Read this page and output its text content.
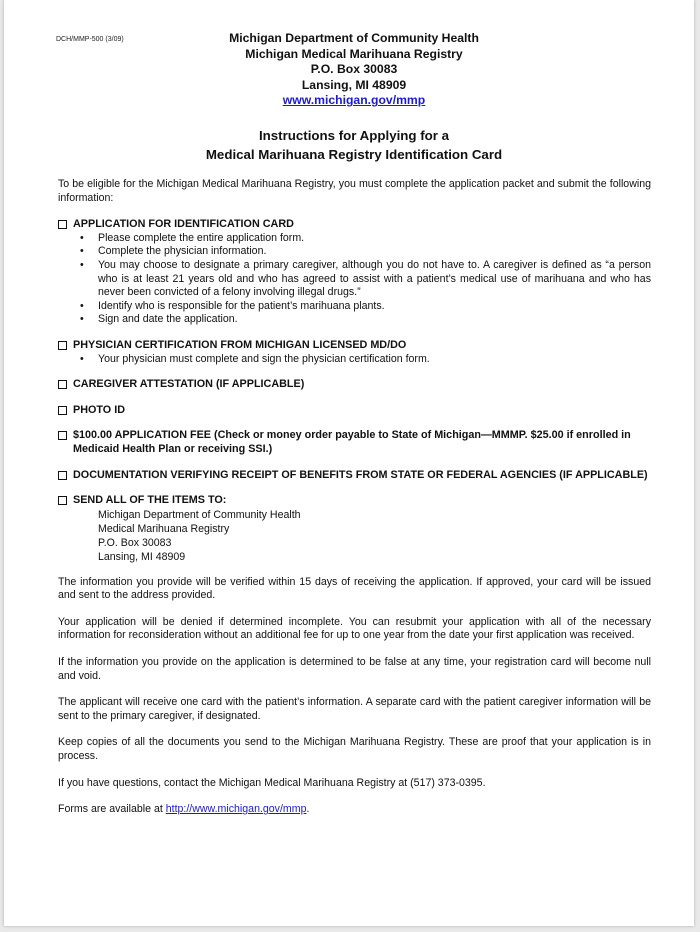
DCH/MMP-500 (3/09)	Michigan Department of Community Health
Michigan Medical Marihuana Registry
P.O. Box 30083
Lansing, MI 48909
www.michigan.gov/mmp
Instructions for Applying for a
Medical Marihuana Registry Identification Card

To be eligible for the Michigan Medical Marihuana Registry, you must complete the application packet and submit the following information:

APPLICATION FOR IDENTIFICATION CARD
• Please complete the entire application form.
• Complete the physician information.
• You may choose to designate a primary caregiver, although you do not have to. A caregiver is defined as “a person who is at least 21 years old and who has agreed to assist with a patient’s medical use of marihuana and who has never been convicted of a felony involving illegal drugs.”
• Identify who is responsible for the patient’s marihuana plants.
• Sign and date the application.
PHYSICIAN CERTIFICATION FROM MICHIGAN LICENSED MD/DO
• Your physician must complete and sign the physician certification form.
CAREGIVER ATTESTATION (IF APPLICABLE)
PHOTO ID
$100.00 APPLICATION FEE (Check or money order payable to State of Michigan—MMMP. $25.00 if enrolled in Medicaid Health Plan or receiving SSI.)
DOCUMENTATION VERIFYING RECEIPT OF BENEFITS FROM STATE OR FEDERAL AGENCIES (IF APPLICABLE)
SEND ALL OF THE ITEMS TO:
Michigan Department of Community Health
Medical Marihuana Registry
P.O. Box 30083
Lansing, MI 48909

The information you provide will be verified within 15 days of receiving the application. If approved, your card will be issued and sent to the address provided.

Your application will be denied if determined incomplete. You can resubmit your application with all of the necessary information for reconsideration without an additional fee for up to one year from the date your first application was received.

If the information you provide on the application is determined to be false at any time, your registration card will become null and void.

The applicant will receive one card with the patient’s information. A separate card with the patient caregiver information will be sent to the primary caregiver, if designated.

Keep copies of all the documents you send to the Michigan Marihuana Registry. These are proof that your application is in process.

If you have questions, contact the Michigan Medical Marihuana Registry at (517) 373-0395.

Forms are available at http://www.michigan.gov/mmp.
